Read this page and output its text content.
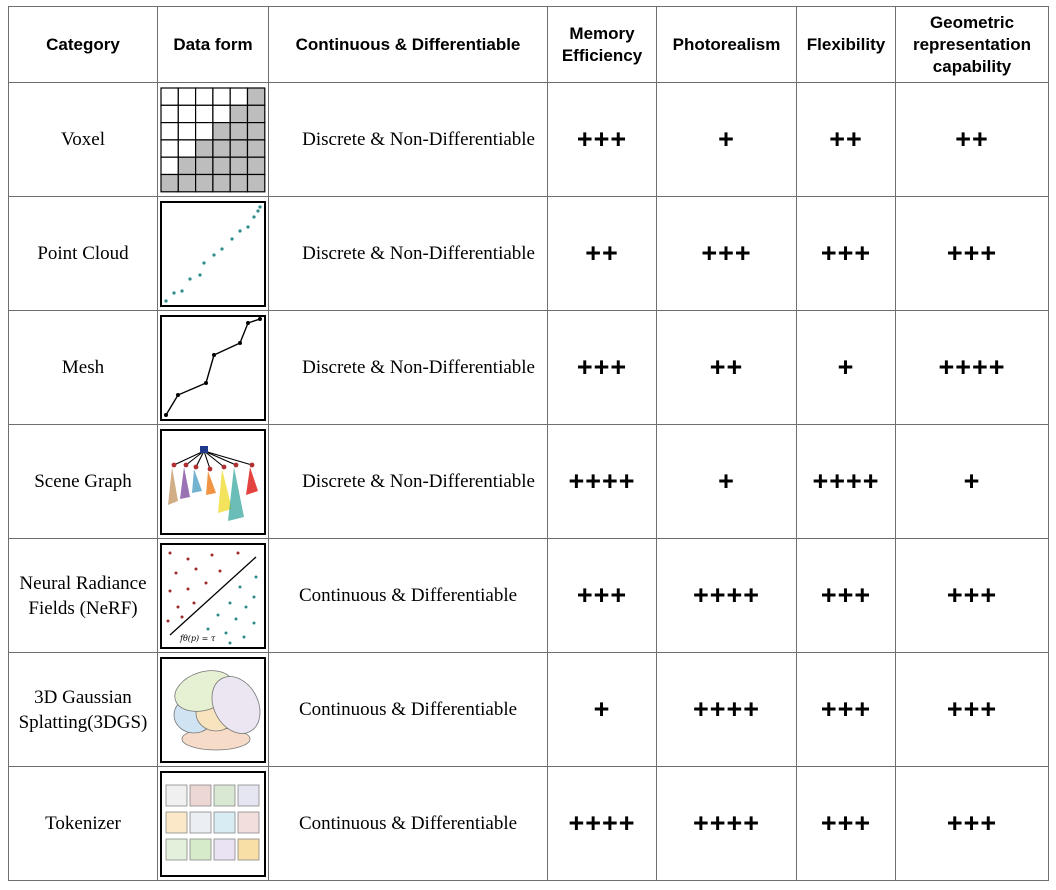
Category	Data form	Continuous & Differentiable	Memory
Efficiency	Photorealism	Flexibility	Geometric
representation
capability
Voxel		Discrete & Non-Differentiable	+++	+	++	++
Point Cloud		Discrete & Non-Differentiable	++	+++	+++	+++
Mesh		Discrete & Non-Differentiable	+++	++	+	++++
Scene Graph		Discrete & Non-Differentiable	++++	+	++++	+
Neural Radiance
Fields (NeRF)	fθ(p) = τ	Continuous & Differentiable	+++	++++	+++	+++
3D Gaussian
Splatting(3DGS)		Continuous & Differentiable	+	++++	+++	+++
Tokenizer		Continuous & Differentiable	++++	++++	+++	+++
